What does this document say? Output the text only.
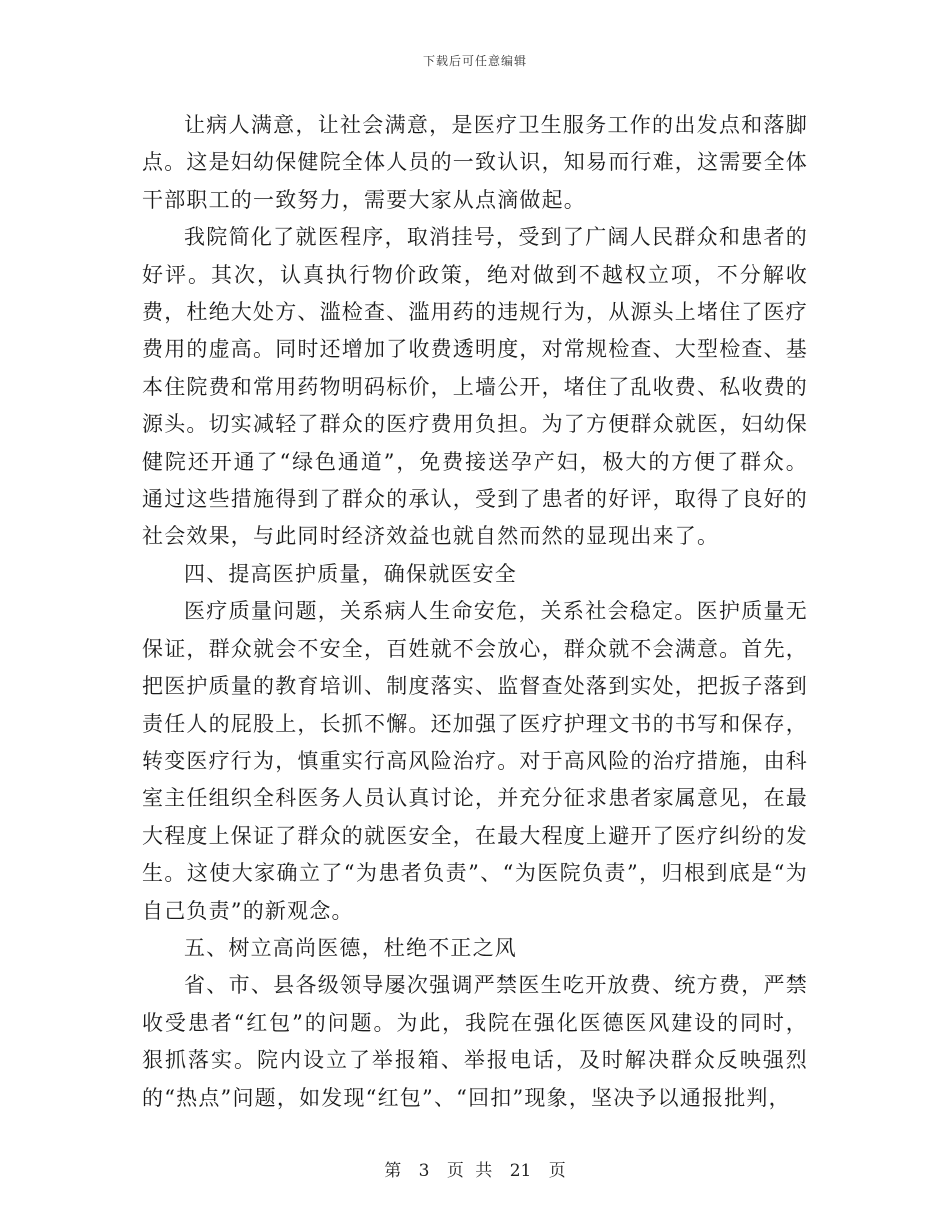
下载后可任意编辑

让病人满意，让社会满意，是医疗卫生服务工作的出发点和落脚点。这是妇幼保健院全体人员的一致认识，知易而行难，这需要全体干部职工的一致努力，需要大家从点滴做起。

我院简化了就医程序，取消挂号，受到了广阔人民群众和患者的好评。其次，认真执行物价政策，绝对做到不越权立项，不分解收费，杜绝大处方、滥检查、滥用药的违规行为，从源头上堵住了医疗费用的虚高。同时还增加了收费透明度，对常规检查、大型检查、基本住院费和常用药物明码标价，上墙公开，堵住了乱收费、私收费的源头。切实减轻了群众的医疗费用负担。为了方便群众就医，妇幼保健院还开通了“绿色通道”，免费接送孕产妇，极大的方便了群众。通过这些措施得到了群众的承认，受到了患者的好评，取得了良好的社会效果，与此同时经济效益也就自然而然的显现出来了。

四、提高医护质量，确保就医安全

医疗质量问题，关系病人生命安危，关系社会稳定。医护质量无保证，群众就会不安全，百姓就不会放心，群众就不会满意。首先，把医护质量的教育培训、制度落实、监督查处落到实处，把扳子落到责任人的屁股上，长抓不懈。还加强了医疗护理文书的书写和保存，转变医疗行为，慎重实行高风险治疗。对于高风险的治疗措施，由科室主任组织全科医务人员认真讨论，并充分征求患者家属意见，在最大程度上保证了群众的就医安全，在最大程度上避开了医疗纠纷的发生。这使大家确立了“为患者负责”、“为医院负责”，归根到底是“为自己负责”的新观念。

五、树立高尚医德，杜绝不正之风

省、市、县各级领导屡次强调严禁医生吃开放费、统方费，严禁收受患者“红包”的问题。为此，我院在强化医德医风建设的同时，狠抓落实。院内设立了举报箱、举报电话，及时解决群众反映强烈的“热点”问题，如发现“红包”、“回扣”现象，坚决予以通报批判，

第 3 页 共 21 页
